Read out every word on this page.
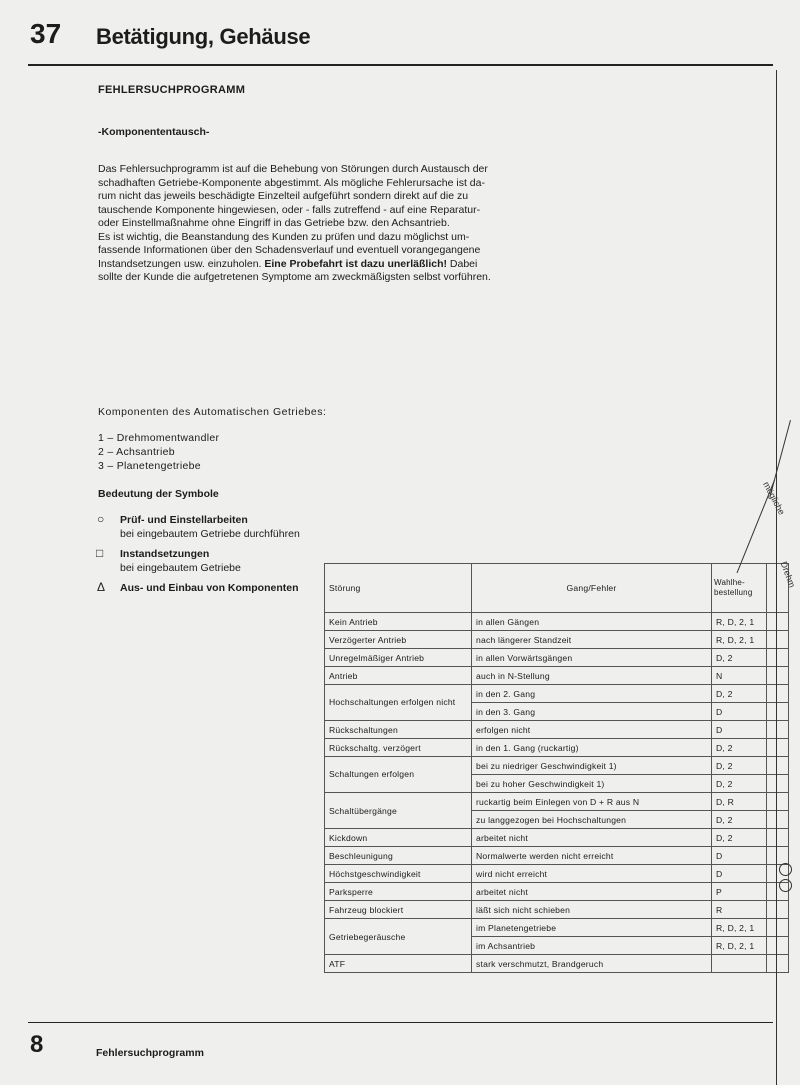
37 Betätigung, Gehäuse
FEHLERSUCHPROGRAMM
-Komponententausch-

Das Fehlersuchprogramm ist auf die Behebung von Störungen durch Austausch der

schadhaften Getriebe-Komponente abgestimmt. Als mögliche Fehlerursache ist da-

rum nicht das jeweils beschädigte Einzelteil aufgeführt sondern direkt auf die zu

tauschende Komponente hingewiesen, oder - falls zutreffend - auf eine Reparatur-

oder Einstellmaßnahme ohne Eingriff in das Getriebe bzw. den Achsantrieb.

Es ist wichtig, die Beanstandung des Kunden zu prüfen und dazu möglichst um-

fassende Informationen über den Schadensverlauf und eventuell vorangegangene

Instandsetzungen usw. einzuholen. Eine Probefahrt ist dazu unerläßlich! Dabei

sollte der Kunde die aufgetretenen Symptome am zweckmäßigsten selbst vorführen.

Komponenten des Automatischen Getriebes:
1 – Drehmomentwandler
2 – Achsantrieb
3 – Planetengetriebe
Bedeutung der Symbole
○ Prüf- und Einstellarbeiten
bei eingebautem Getriebe durchführen
□ Instandsetzungen
bei eingebautem Getriebe
Δ Aus- und Einbau von Komponenten	Störung	Gang/Fehler	Wahlhe-bestellung	
Kein Antrieb	in allen Gängen	R, D, 2, 1	
Verzögerter Antrieb	nach längerer Standzeit	R, D, 2, 1	
Unregelmäßiger Antrieb	in allen Vorwärtsgängen	D, 2	
Antrieb	auch in N-Stellung	N	
Hochschaltungen erfolgen nicht	in den 2. Gang	D, 2	
	in den 3. Gang	D	
Rückschaltungen	erfolgen nicht	D	
Rückschaltg. verzögert	in den 1. Gang (ruckartig)	D, 2	
Schaltungen erfolgen	bei zu niedriger Geschwindigkeit 1)	D, 2	
	bei zu hoher Geschwindigkeit 1)	D, 2	
Schaltübergänge	ruckartig beim Einlegen von D + R aus N	D, R	
	zu langgezogen bei Hochschaltungen	D, 2	
Kickdown	arbeitet nicht	D, 2	
Beschleunigung	Normalwerte werden nicht erreicht	D	
Höchstgeschwindigkeit	wird nicht erreicht	D	
Parksperre	arbeitet nicht	P	
Fahrzeug blockiert	läßt sich nicht schieben	R	
Getriebegeräusche	im Planetengetriebe	R, D, 2, 1	
	im Achsantrieb	R, D, 2, 1	
ATF	stark verschmutzt, Brandgeruch		
mögliche
Drehm
8	Fehlersuchprogramm
